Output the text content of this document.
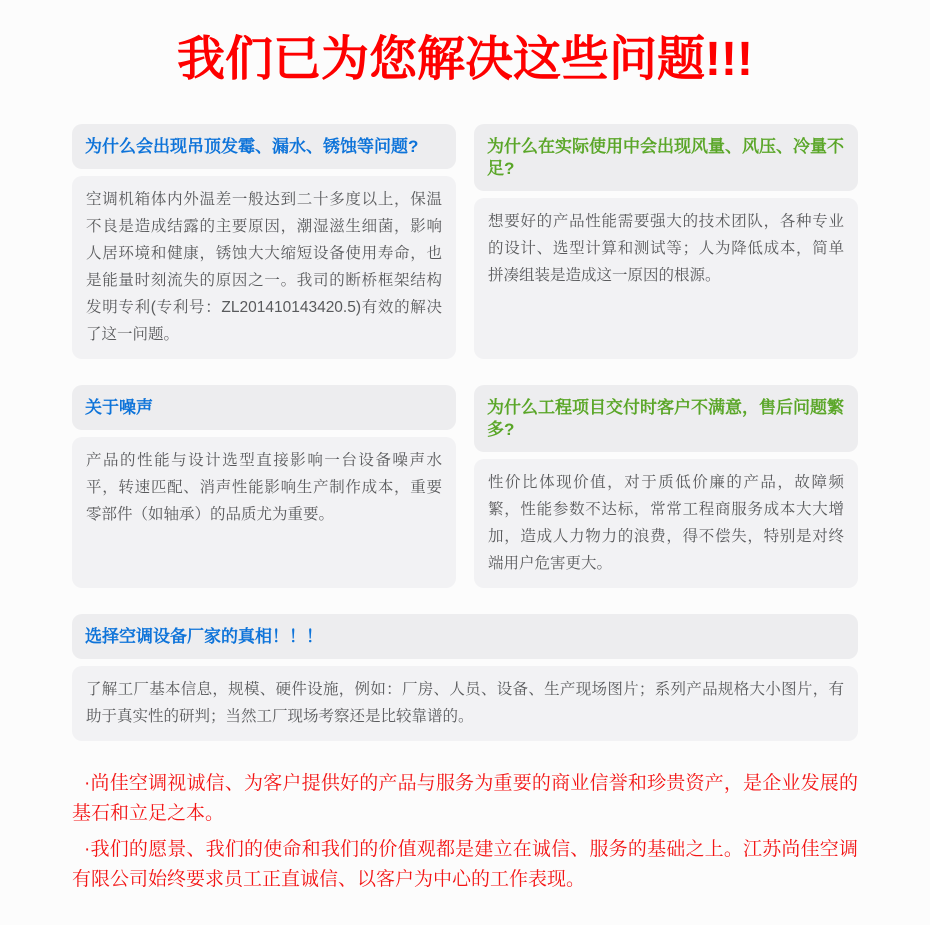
我们已为您解决这些问题!!!
为什么会出现吊顶发霉、漏水、锈蚀等问题?
空调机箱体内外温差一般达到二十多度以上，保温不良是造成结露的主要原因，潮湿滋生细菌，影响人居环境和健康，锈蚀大大缩短设备使用寿命，也是能量时刻流失的原因之一。我司的断桥框架结构发明专利(专利号：ZL201410143420.5)有效的解决了这一问题。
为什么在实际使用中会出现风量、风压、冷量不足?
想要好的产品性能需要强大的技术团队，各种专业的设计、选型计算和测试等；人为降低成本，简单拼凑组装是造成这一原因的根源。
关于噪声
产品的性能与设计选型直接影响一台设备噪声水平，转速匹配、消声性能影响生产制作成本，重要零部件（如轴承）的品质尤为重要。
为什么工程项目交付时客户不满意，售后问题繁多?
性价比体现价值，对于质低价廉的产品，故障频繁，性能参数不达标，常常工程商服务成本大大增加，造成人力物力的浪费，得不偿失，特别是对终端用户危害更大。
选择空调设备厂家的真相！！！
了解工厂基本信息，规模、硬件设施，例如：厂房、人员、设备、生产现场图片；系列产品规格大小图片，有助于真实性的研判；当然工厂现场考察还是比较靠谱的。

·尚佳空调视诚信、为客户提供好的产品与服务为重要的商业信誉和珍贵资产，是企业发展的基石和立足之本。

·我们的愿景、我们的使命和我们的价值观都是建立在诚信、服务的基础之上。江苏尚佳空调有限公司始终要求员工正直诚信、以客户为中心的工作表现。
